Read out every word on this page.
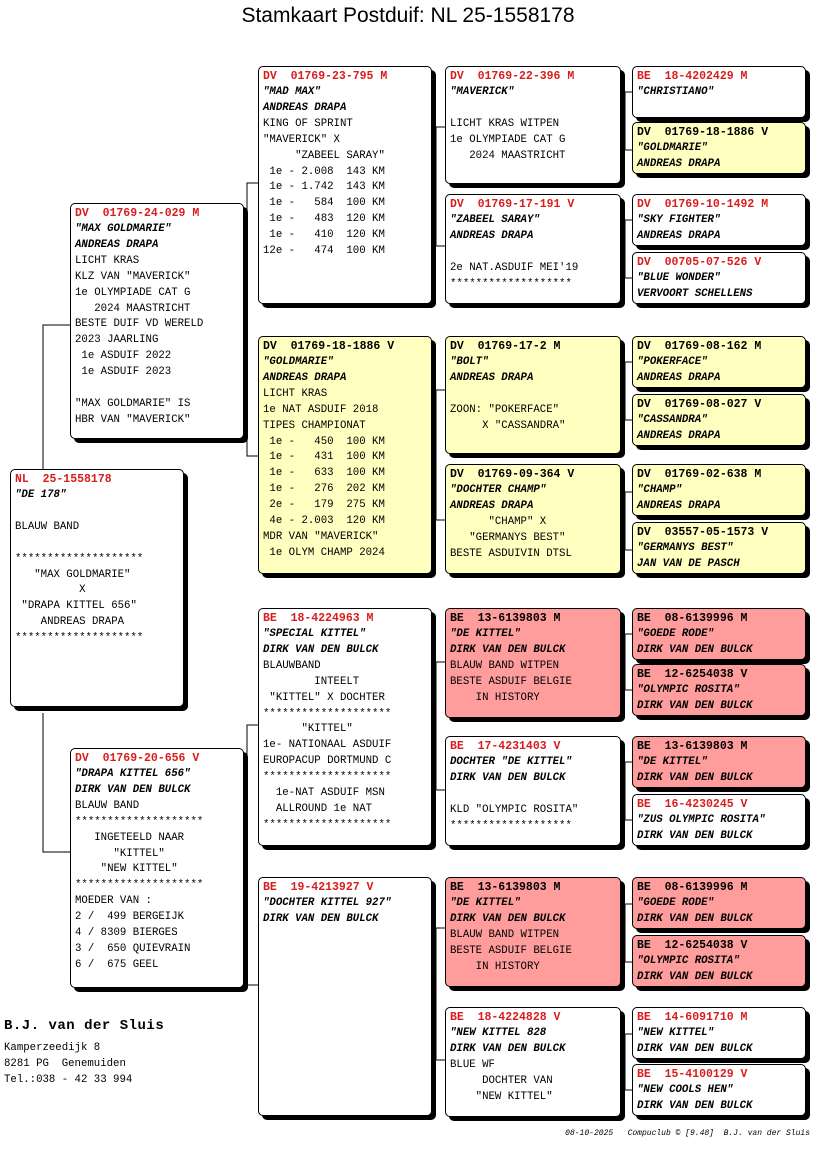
Stamkaart Postduif: NL 25-1558178
NL  25-1558178
"DE 178"

BLAUW BAND

********************
"MAX GOLDMARIE"
X
"DRAPA KITTEL 656"
ANDREAS DRAPA
********************
DV  01769-24-029 M
"MAX GOLDMARIE"
ANDREAS DRAPA
LICHT KRAS
KLZ VAN "MAVERICK"
1e OLYMPIADE CAT G
2024 MAASTRICHT
BESTE DUIF VD WERELD
2023 JAARLING
1e ASDUIF 2022
1e ASDUIF 2023

"MAX GOLDMARIE" IS
HBR VAN "MAVERICK"
DV  01769-20-656 V
"DRAPA KITTEL 656"
DIRK VAN DEN BULCK
BLAUW BAND
********************
INGETEELD NAAR
"KITTEL"
"NEW KITTEL"
********************
MOEDER VAN :
2 /  499 BERGEIJK
4 / 8309 BIERGES
3 /  650 QUIEVRAIN
6 /  675 GEEL
DV  01769-23-795 M
"MAD MAX"
ANDREAS DRAPA
KING OF SPRINT
"MAVERICK" X
"ZABEEL SARAY"
1e - 2.008  143 KM
1e - 1.742  143 KM
1e -   584  100 KM
1e -   483  120 KM
1e -   410  120 KM
12e -   474  100 KM
DV  01769-18-1886 V
"GOLDMARIE"
ANDREAS DRAPA
LICHT KRAS
1e NAT ASDUIF 2018
TIPES CHAMPIONAT
1e -   450  100 KM
1e -   431  100 KM
1e -   633  100 KM
1e -   276  202 KM
2e -   179  275 KM
4e - 2.003  120 KM
MDR VAN "MAVERICK"
1e OLYM CHAMP 2024
BE  18-4224963 M
"SPECIAL KITTEL"
DIRK VAN DEN BULCK
BLAUWBAND
INTEELT
"KITTEL" X DOCHTER
********************
"KITTEL"
1e- NATIONAAL ASDUIF
EUROPACUP DORTMUND C
********************
1e-NAT ASDUIF MSN
ALLROUND 1e NAT
********************
BE  19-4213927 V
"DOCHTER KITTEL 927"
DIRK VAN DEN BULCK
DV  01769-22-396 M
"MAVERICK"

LICHT KRAS WITPEN
1e OLYMPIADE CAT G
2024 MAASTRICHT
DV  01769-17-191 V
"ZABEEL SARAY"
ANDREAS DRAPA

2e NAT.ASDUIF MEI'19
*******************
DV  01769-17-2 M
"BOLT"
ANDREAS DRAPA

ZOON: "POKERFACE"
X "CASSANDRA"
DV  01769-09-364 V
"DOCHTER CHAMP"
ANDREAS DRAPA
"CHAMP" X
"GERMANYS BEST"
BESTE ASDUIVIN DTSL
BE  13-6139803 M
"DE KITTEL"
DIRK VAN DEN BULCK
BLAUW BAND WITPEN
BESTE ASDUIF BELGIE
IN HISTORY
BE  17-4231403 V
DOCHTER "DE KITTEL"
DIRK VAN DEN BULCK

KLD "OLYMPIC ROSITA"
*******************
BE  13-6139803 M
"DE KITTEL"
DIRK VAN DEN BULCK
BLAUW BAND WITPEN
BESTE ASDUIF BELGIE
IN HISTORY
BE  18-4224828 V
"NEW KITTEL 828
DIRK VAN DEN BULCK
BLUE WF
DOCHTER VAN
"NEW KITTEL"
BE  18-4202429 M
"CHRISTIANO"
DV  01769-18-1886 V
"GOLDMARIE"
ANDREAS DRAPA
DV  01769-10-1492 M
"SKY FIGHTER"
ANDREAS DRAPA
DV  00705-07-526 V
"BLUE WONDER"
VERVOORT SCHELLENS
DV  01769-08-162 M
"POKERFACE"
ANDREAS DRAPA
DV  01769-08-027 V
"CASSANDRA"
ANDREAS DRAPA
DV  01769-02-638 M
"CHAMP"
ANDREAS DRAPA
DV  03557-05-1573 V
"GERMANYS BEST"
JAN VAN DE PASCH
BE  08-6139996 M
"GOEDE RODE"
DIRK VAN DEN BULCK
BE  12-6254038 V
"OLYMPIC ROSITA"
DIRK VAN DEN BULCK
BE  13-6139803 M
"DE KITTEL"
DIRK VAN DEN BULCK
BE  16-4230245 V
"ZUS OLYMPIC ROSITA"
DIRK VAN DEN BULCK
BE  08-6139996 M
"GOEDE RODE"
DIRK VAN DEN BULCK
BE  12-6254038 V
"OLYMPIC ROSITA"
DIRK VAN DEN BULCK
BE  14-6091710 M
"NEW KITTEL"
DIRK VAN DEN BULCK
BE  15-4100129 V
"NEW COOLS HEN"
DIRK VAN DEN BULCK
B.J. van der Sluis
Kamperzeedijk 8
8281 PG  Genemuiden
Tel.:038 - 42 33 994
08-10-2025   Compuclub © [9.48]  B.J. van der Sluis
